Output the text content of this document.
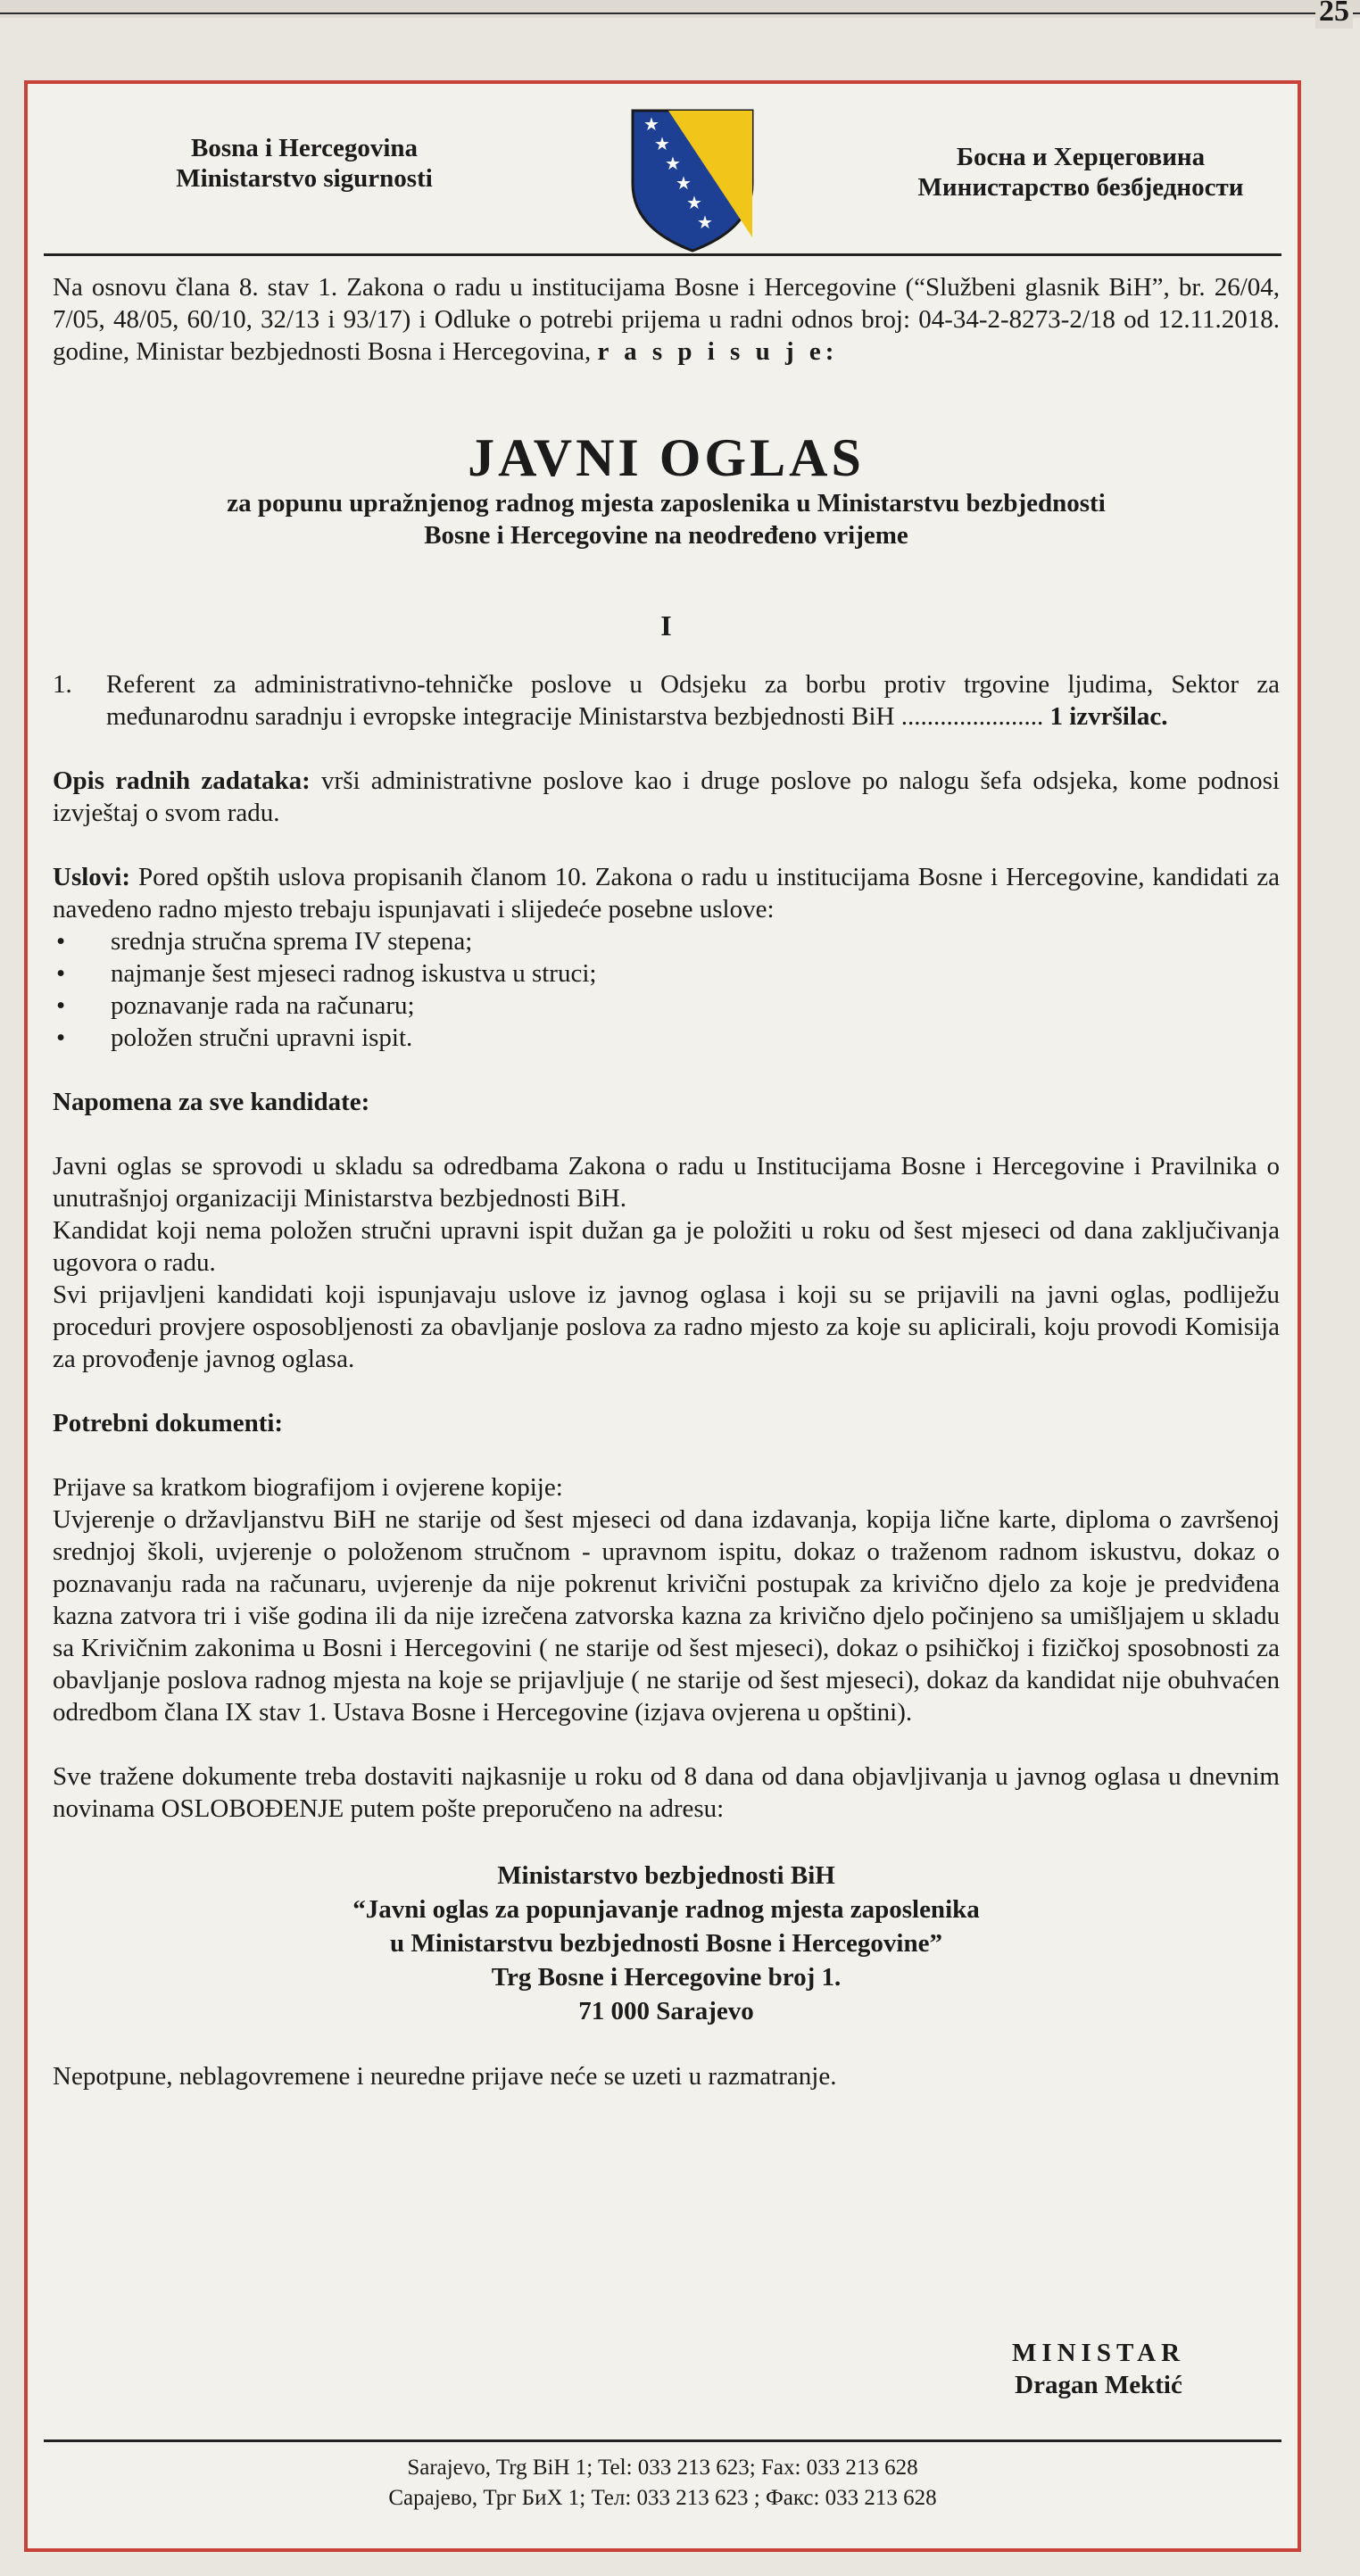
25
Bosna i Hercegovina
Ministarstvo sigurnosti
★
★
★
★
★
★
Босна и Херцеговина
Министарство безбједности

Na osnovu člana 8. stav 1. Zakona o radu u institucijama Bosne i Hercegovine (“Službeni glasnik BiH”, br. 26/04, 7/05, 48/05, 60/10, 32/13 i 93/17) i Odluke o potrebi prijema u radni odnos broj: 04-34-2-8273-2/18 od 12.11.2018. godine, Ministar bezbjednosti Bosna i Hercegovina, r a s p i s u j e:

JAVNI OGLAS

za popunu upražnjenog radnog mjesta zaposlenika u Ministarstvu bezbjednosti

Bosne i Hercegovine na neodređeno vrijeme

I

1.	Referent za administrativno-tehničke poslove u Odsjeku za borbu protiv trgovine ljudima, Sektor za međunarodnu saradnju i evropske integracije Ministarstva bezbjednosti BiH ...................... 1 izvršilac.

Opis radnih zadataka: vrši administrativne poslove kao i druge poslove po nalogu šefa odsjeka, kome podnosi izvještaj o svom radu.

Uslovi: Pored opštih uslova propisanih članom 10. Zakona o radu u institucijama Bosne i Hercegovine, kandidati za navedeno radno mjesto trebaju ispunjavati i slijedeće posebne uslove:

• srednja stručna sprema IV stepena;
• najmanje šest mjeseci radnog iskustva u struci;
• poznavanje rada na računaru;
• položen stručni upravni ispit.

Napomena za sve kandidate:

Javni oglas se sprovodi u skladu sa odredbama Zakona o radu u Institucijama Bosne i Hercegovine i Pravilnika o unutrašnjoj organizaciji Ministarstva bezbjednosti BiH.

Kandidat koji nema položen stručni upravni ispit dužan ga je položiti u roku od šest mjeseci od dana zaključivanja ugovora o radu.

Svi prijavljeni kandidati koji ispunjavaju uslove iz javnog oglasa i koji su se prijavili na javni oglas, podliježu proceduri provjere osposobljenosti za obavljanje poslova za radno mjesto za koje su aplicirali, koju provodi Komisija za provođenje javnog oglasa.

Potrebni dokumenti:

Prijave sa kratkom biografijom i ovjerene kopije:

Uvjerenje o državljanstvu BiH ne starije od šest mjeseci od dana izdavanja, kopija lične karte, diploma o završenoj srednjoj školi, uvjerenje o položenom stručnom - upravnom ispitu, dokaz o traženom radnom iskustvu, dokaz o poznavanju rada na računaru, uvjerenje da nije pokrenut krivični postupak za krivično djelo za koje je predviđena kazna zatvora tri i više godina ili da nije izrečena zatvorska kazna za krivično djelo počinjeno sa umišljajem u skladu sa Krivičnim zakonima u Bosni i Hercegovini ( ne starije od šest mjeseci), dokaz o psihičkoj i fizičkoj sposobnosti za obavljanje poslova radnog mjesta na koje se prijavljuje ( ne starije od šest mjeseci), dokaz da kandidat nije obuhvaćen odredbom člana IX stav 1. Ustava Bosne i Hercegovine (izjava ovjerena u opštini).

Sve tražene dokumente treba dostaviti najkasnije u roku od 8 dana od dana objavljivanja u javnog oglasa u dnevnim novinama OSLOBOĐENJE putem pošte preporučeno na adresu:

Ministarstvo bezbjednosti BiH
“Javni oglas za popunjavanje radnog mjesta zaposlenika
u Ministarstvu bezbjednosti Bosne i Hercegovine”
Trg Bosne i Hercegovine broj 1.
71 000 Sarajevo

Nepotpune, neblagovremene i neuredne prijave neće se uzeti u razmatranje.

MINISTAR
Dragan Mektić
Sarajevo, Trg BiH 1; Tel: 033 213 623; Fax: 033 213 628
Сарајево, Трг БиХ 1; Тел: 033 213 623 ; Факс: 033 213 628
